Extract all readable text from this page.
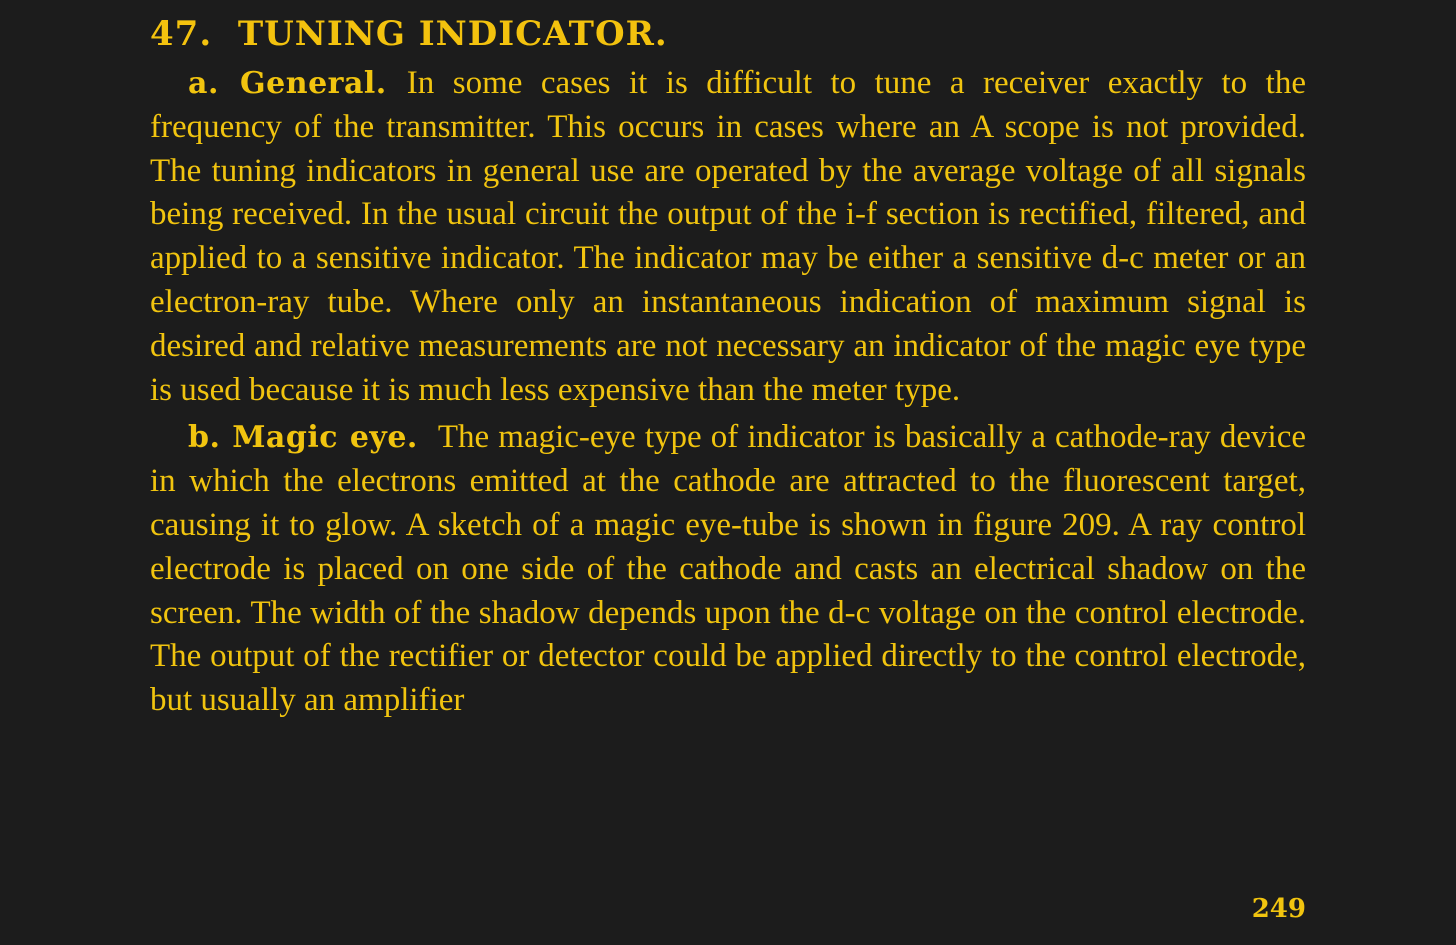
47. TUNING INDICATOR.

a. General. In some cases it is difficult to tune a receiver exactly to the frequency of the transmitter. This occurs in cases where an A scope is not provided. The tuning indicators in general use are operated by the average voltage of all signals being received. In the usual circuit the output of the i-f section is rectified, filtered, and applied to a sensitive indicator. The indicator may be either a sensitive d-c meter or an electron-ray tube. Where only an instantaneous indication of maximum signal is desired and relative measurements are not necessary an indicator of the magic eye type is used because it is much less expensive than the meter type.

b. Magic eye. The magic-eye type of indicator is basically a cathode-ray device in which the electrons emitted at the cathode are attracted to the fluorescent target, causing it to glow. A sketch of a magic eye-tube is shown in figure 209. A ray control electrode is placed on one side of the cathode and casts an electrical shadow on the screen. The width of the shadow depends upon the d-c voltage on the control electrode. The output of the rectifier or detector could be applied directly to the control electrode, but usually an amplifier

249
